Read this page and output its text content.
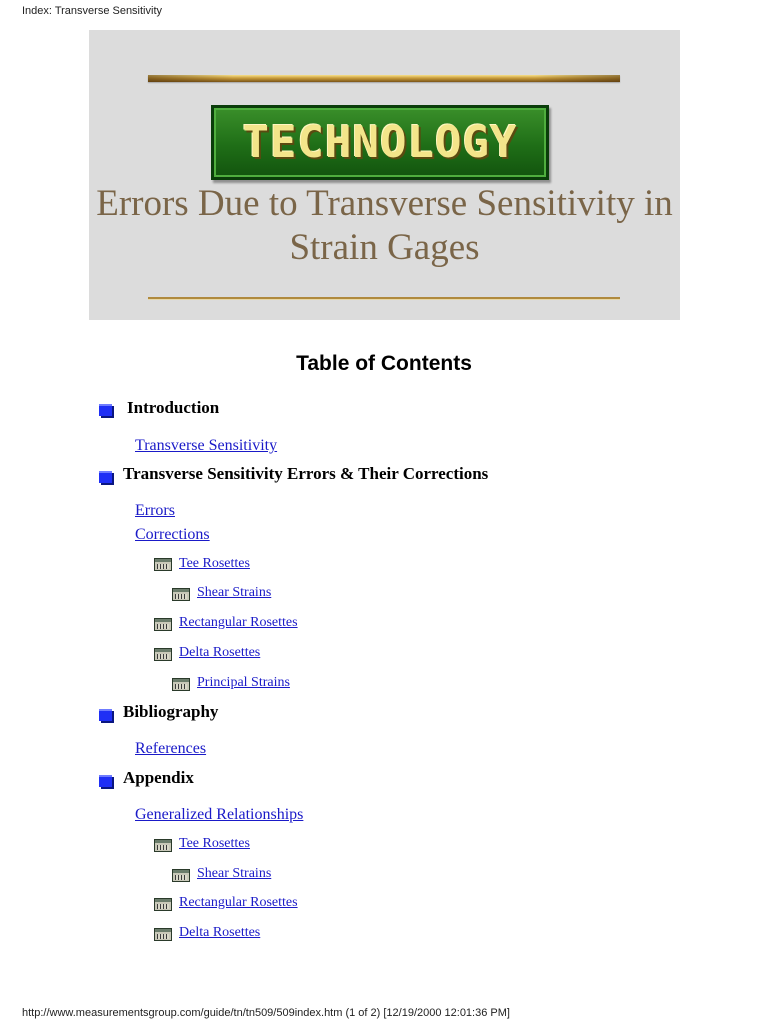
Index: Transverse Sensitivity
TECHNOLOGY
Errors Due to Transverse Sensitivity in
Strain Gages
Table of Contents
Introduction
Transverse Sensitivity
Transverse Sensitivity Errors & Their Corrections
Errors
Corrections
Tee Rosettes
Shear Strains
Rectangular Rosettes
Delta Rosettes
Principal Strains
Bibliography
References
Appendix
Generalized Relationships
Tee Rosettes
Shear Strains
Rectangular Rosettes
Delta Rosettes
http://www.measurementsgroup.com/guide/tn/tn509/509index.htm (1 of 2) [12/19/2000 12:01:36 PM]
